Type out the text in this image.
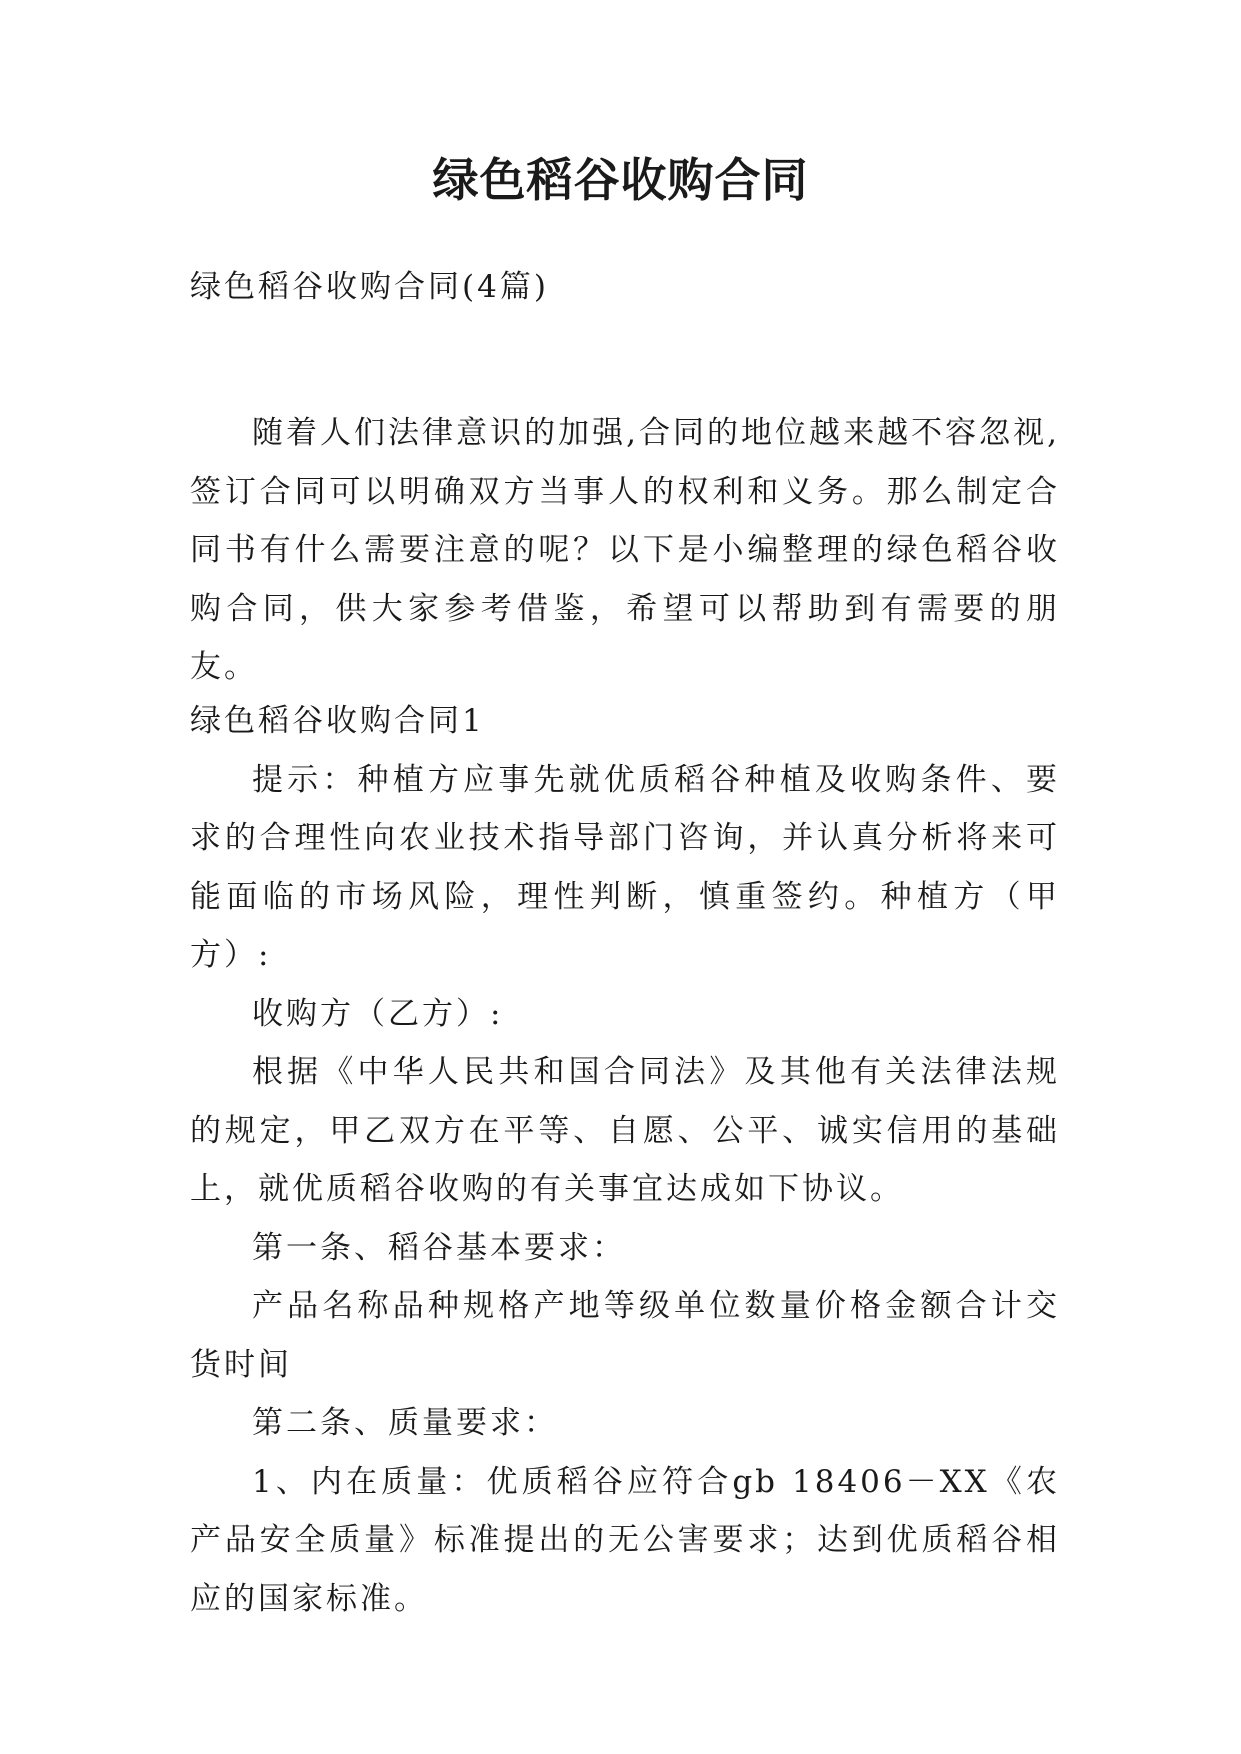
绿色稻谷收购合同

绿色稻谷收购合同(4篇)

随着人们法律意识的加强,合同的地位越来越不容忽视,签订合同可以明确双方当事人的权利和义务。那么制定合同书有什么需要注意的呢？以下是小编整理的绿色稻谷收购合同，供大家参考借鉴，希望可以帮助到有需要的朋友。

绿色稻谷收购合同1

提示：种植方应事先就优质稻谷种植及收购条件、要求的合理性向农业技术指导部门咨询，并认真分析将来可能面临的市场风险，理性判断，慎重签约。种植方（甲方）:

收购方（乙方）:

根据《中华人民共和国合同法》及其他有关法律法规的规定，甲乙双方在平等、自愿、公平、诚实信用的基础上，就优质稻谷收购的有关事宜达成如下协议。

第一条、稻谷基本要求：

产品名称品种规格产地等级单位数量价格金额合计交货时间

第二条、质量要求：

1、内在质量：优质稻谷应符合gb 18406－XX《农产品安全质量》标准提出的无公害要求；达到优质稻谷相应的国家标准。
